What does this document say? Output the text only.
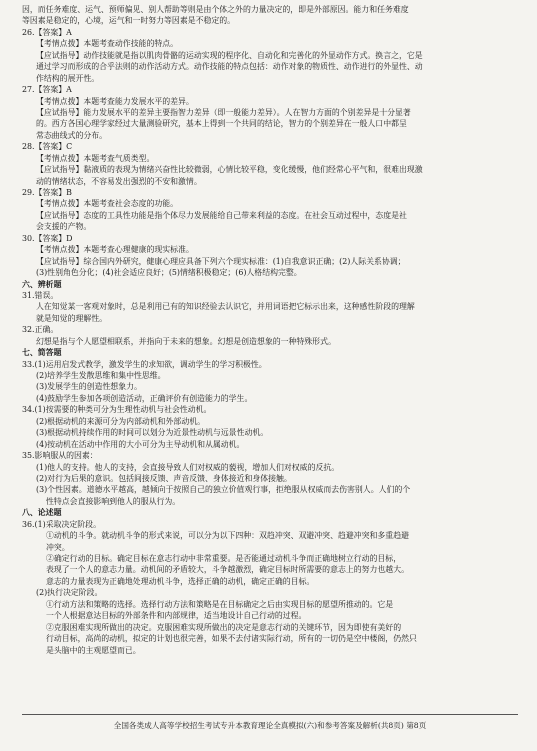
因，而任务难度、运气、预师偏见、别人帮助等则是由个体之外的力量决定的，即是外部原因。能力和任务难度
等因素是稳定的，心境，运气和一时努力等因素是不稳定的。
26.【答案】A
【考情点拨】本题考查动作技能的特点。
【应试指导】动作技能就是指以肌肉骨骼的运动实现的程序化、自动化和完善化的外显动作方式。换言之，它是
通过学习而形成的合乎法则的动作活动方式。动作技能的特点包括：动作对象的物质性、动作进行的外显性、动
作结构的展开性。
27.【答案】A
【考情点拨】本题考查能力发展水平的差异。
【应试指导】能力发展水平的差异主要指智力差异（即一般能力差异）。人在智力方面的个别差异是十分显著
的。西方各国心理学家经过大量测验研究，基本上得到一个共同的结论，智力的个别差异在一般人口中都呈
常态曲线式的分布。
28.【答案】C
【考情点拨】本题考查气质类型。
【应试指导】黏液质的表现为情绪兴奋性比较微弱，心情比较平稳，变化缓慢，他们经常心平气和，很难出现激
动的情绪状态，不容易发出强烈的不安和激情。
29.【答案】B
【考情点拨】本题考查社会态度的功能。
【应试指导】态度的工具性功能是指个体尽力发展能给自己带来利益的态度。在社会互动过程中，态度是社
会支援的产物。
30.【答案】D
【考情点拨】本题考查心理健康的现实标准。
【应试指导】综合国内外研究，健康心理应具备下列六个现实标准：(1)自我意识正确；(2)人际关系协调；
(3)性别角色分化；(4)社会适应良好；(5)情绪积极稳定；(6)人格结构完整。
六、辨析题
31.错误。
人在知觉某一客观对象时，总是利用已有的知识经验去认识它，并用词语把它标示出来，这种感性阶段的理解
就是知觉的理解性。
32.正确。
幻想是指与个人愿望相联系，并指向于未来的想象。幻想是创造想象的一种特殊形式。
七、简答题
33.(1)运用启发式教学，激发学生的求知欲，调动学生的学习积极性。
(2)培养学生发散思维和集中性思维。
(3)发展学生的创造性想象力。
(4)鼓励学生参加各项创造活动，正确评价有创造能力的学生。
34.(1)按需要的种类可分为生理性动机与社会性动机。
(2)根据动机的来源可分为内部动机和外部动机。
(3)根据动机持续作用的时间可以划分为近景性动机与远景性动机。
(4)按动机在活动中作用的大小可分为主导动机和从属动机。
35.影响服从的因素：
(1)他人的支持。他人的支持，会直接导致人们对权威的藐视，增加人们对权威的反抗。
(2)对行为后果的意识。包括间接反馈、声音反馈、身体接近和身体接触。
(3)个性因素。道德水平越高，越倾向于按照自己的独立价值观行事，拒绝服从权威而去伤害别人。人们的个
性特点会直接影响到他人的服从行为。
八、论述题
36.(1)采取决定阶段。
①动机的斗争。就动机斗争的形式来说，可以分为以下四种：双趋冲突、双避冲突、趋避冲突和多重趋避
冲突。
②确定行动的目标。确定目标在意志行动中非常重要。是否能通过动机斗争而正确地树立行动的目标，
表现了一个人的意志力量。动机间的矛盾较大，斗争越激烈，确定目标时所需要的意志上的努力也越大。
意志的力量表现为正确地处理动机斗争，选择正确的动机，确定正确的目标。
(2)执行决定阶段。
①行动方法和策略的选择。选择行动方法和策略是在目标确定之后由实现目标的愿望所推动的。它是
一个人根据意达目标的外部条件和内部规律，适当地设计自己行动的过程。
②克服困难实现所做出的决定。克服困难实现所做出的决定是意志行动的关键环节，因为即使有美好的
行动目标，高尚的动机，拟定的计划也很完善，如果不去付诸实际行动，所有的一切仍是空中楼阁，仍然只
是头脑中的主观愿望而已。
全国各类成人高等学校招生考试专升本教育理论全真模拟(六)和参考答案及解析(共8页) 第8页
